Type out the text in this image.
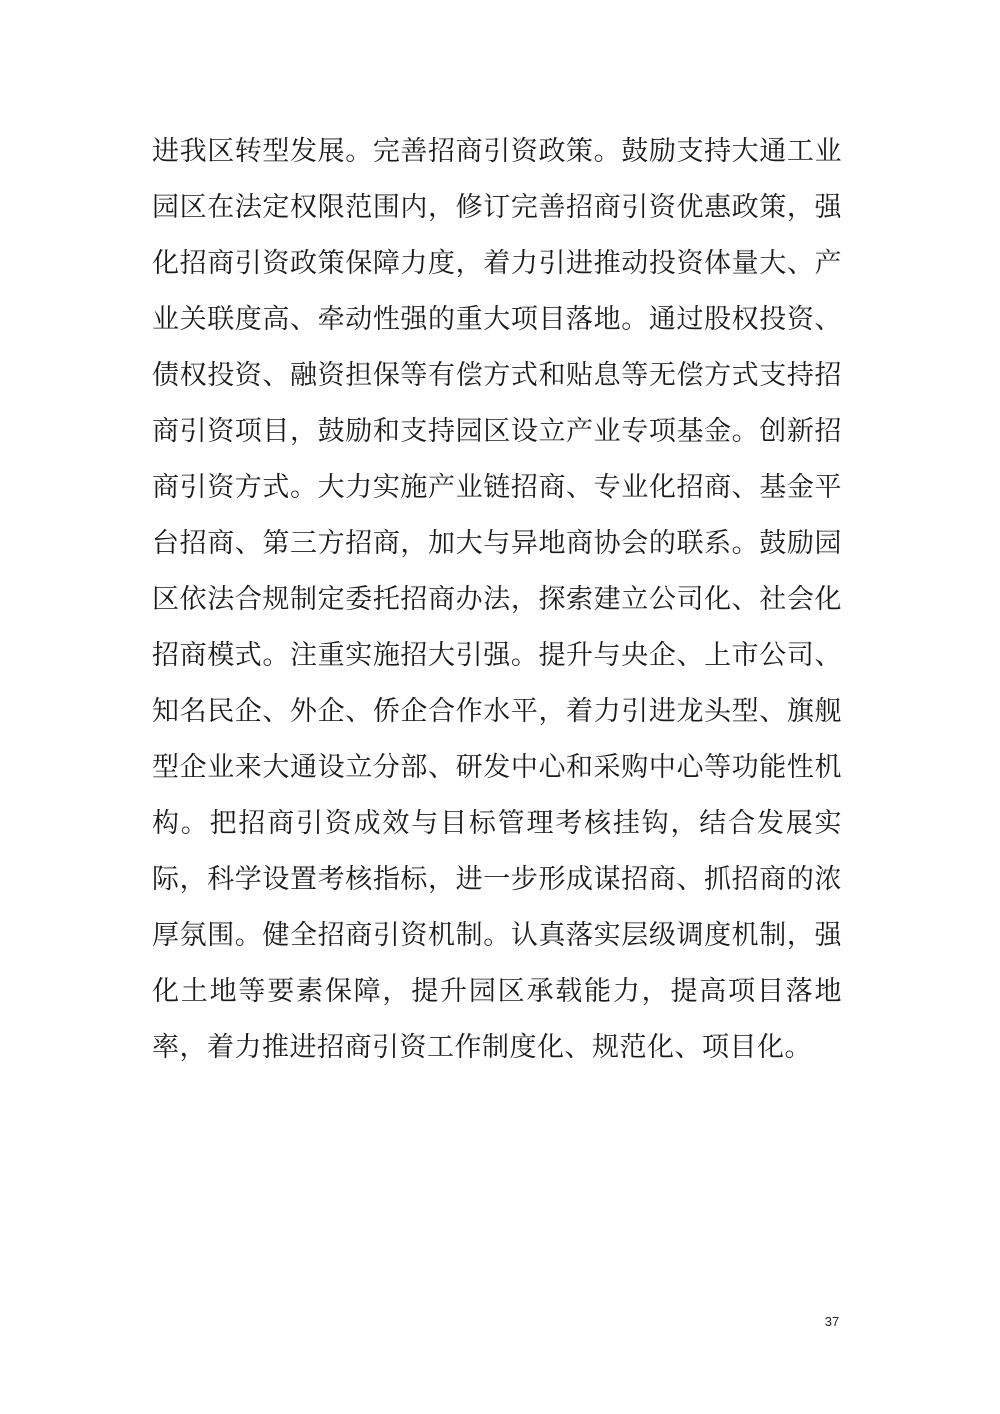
进我区转型发展。完善招商引资政策。鼓励支持大通工业
园区在法定权限范围内，修订完善招商引资优惠政策，强
化招商引资政策保障力度，着力引进推动投资体量大、产
业关联度高、牵动性强的重大项目落地。通过股权投资、
债权投资、融资担保等有偿方式和贴息等无偿方式支持招
商引资项目，鼓励和支持园区设立产业专项基金。创新招
商引资方式。大力实施产业链招商、专业化招商、基金平
台招商、第三方招商，加大与异地商协会的联系。鼓励园
区依法合规制定委托招商办法，探索建立公司化、社会化
招商模式。注重实施招大引强。提升与央企、上市公司、
知名民企、外企、侨企合作水平，着力引进龙头型、旗舰
型企业来大通设立分部、研发中心和采购中心等功能性机
构。把招商引资成效与目标管理考核挂钩，结合发展实
际，科学设置考核指标，进一步形成谋招商、抓招商的浓
厚氛围。健全招商引资机制。认真落实层级调度机制，强
化土地等要素保障，提升园区承载能力，提高项目落地
率，着力推进招商引资工作制度化、规范化、项目化。
37
